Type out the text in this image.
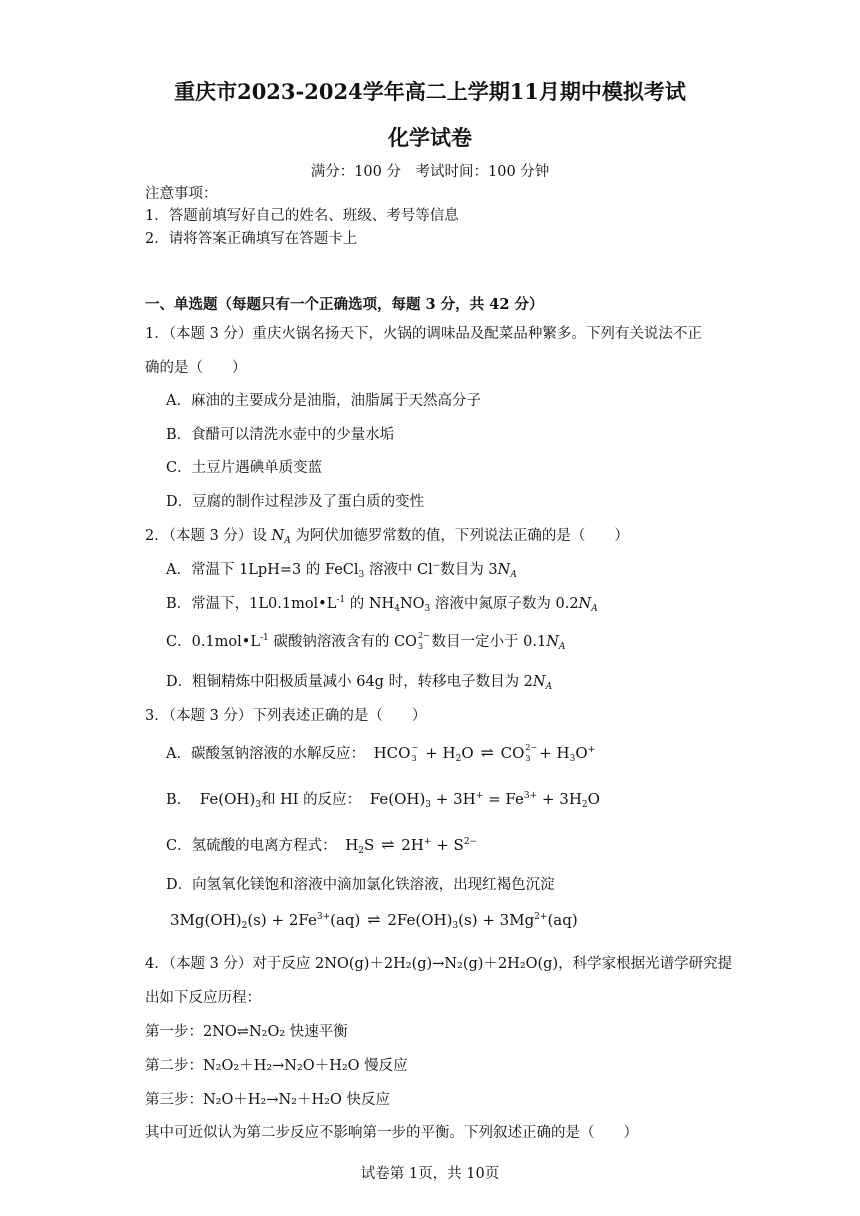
重庆市2023-2024学年高二上学期11月期中模拟考试
化学试卷
满分：100 分　考试时间：100 分钟
注意事项：
1．答题前填写好自己的姓名、班级、考号等信息
2．请将答案正确填写在答题卡上
一、单选题（每题只有一个正确选项，每题 3 分，共 42 分）
1．（本题 3 分）重庆火锅名扬天下，火锅的调味品及配菜品种繁多。下列有关说法不正
确的是（　　）
A．麻油的主要成分是油脂，油脂属于天然高分子
B．食醋可以清洗水壶中的少量水垢
C．土豆片遇碘单质变蓝
D．豆腐的制作过程涉及了蛋白质的变性
2．（本题 3 分）设 $N_A$ 为阿伏加德罗常数的值，下列说法正确的是（　　）
A．常温下 1LpH=3 的 FeCl$_3$ 溶液中 Cl−数目为 $3N_A$
B．常温下，$1L0.1mol•L^{-1}$ 的 $NH_4NO_3$ 溶液中氮原子数为 $0.2N_A$
C．$0.1mol•L^{-1}$ 碳酸钠溶液含有的 CO 2−
3 数目一定小于 $0.1N_A$
D．粗铜精炼中阳极质量减小 64g 时，转移电子数目为 $2N_A$
3．（本题 3 分）下列表述正确的是（　　）
A．碳酸氢钠溶液的水解反应： HCO −
$3 + H_2O$ ⇌ CO 2−
$3 + H_3O^+$
B． $Fe(OH)_3$和 HI 的反应： $Fe(OH)_3 + 3H^+ = Fe^{3+} + 3H_2O$
C．氢硫酸的电离方程式： $H_2S$ ⇌ $2H^+ + S^{2-}$
D．向氢氧化镁饱和溶液中滴加氯化铁溶液，出现红褐色沉淀
$3Mg(OH)_2(s) + 2Fe^{3+}(aq)$ ⇌ $2Fe(OH)_3(s) + 3Mg^{2+}(aq)$
4．（本题 3 分）对于反应 2NO(g)＋2H₂(g)→N₂(g)＋2H₂O(g)，科学家根据光谱学研究提
出如下反应历程：
第一步：2NO⇌N₂O₂ 快速平衡
第二步：N₂O₂＋H₂→N₂O＋H₂O 慢反应
第三步：N₂O＋H₂→N₂＋H₂O 快反应
其中可近似认为第二步反应不影响第一步的平衡。下列叙述正确的是（　　）
试卷第 1页，共 10页
